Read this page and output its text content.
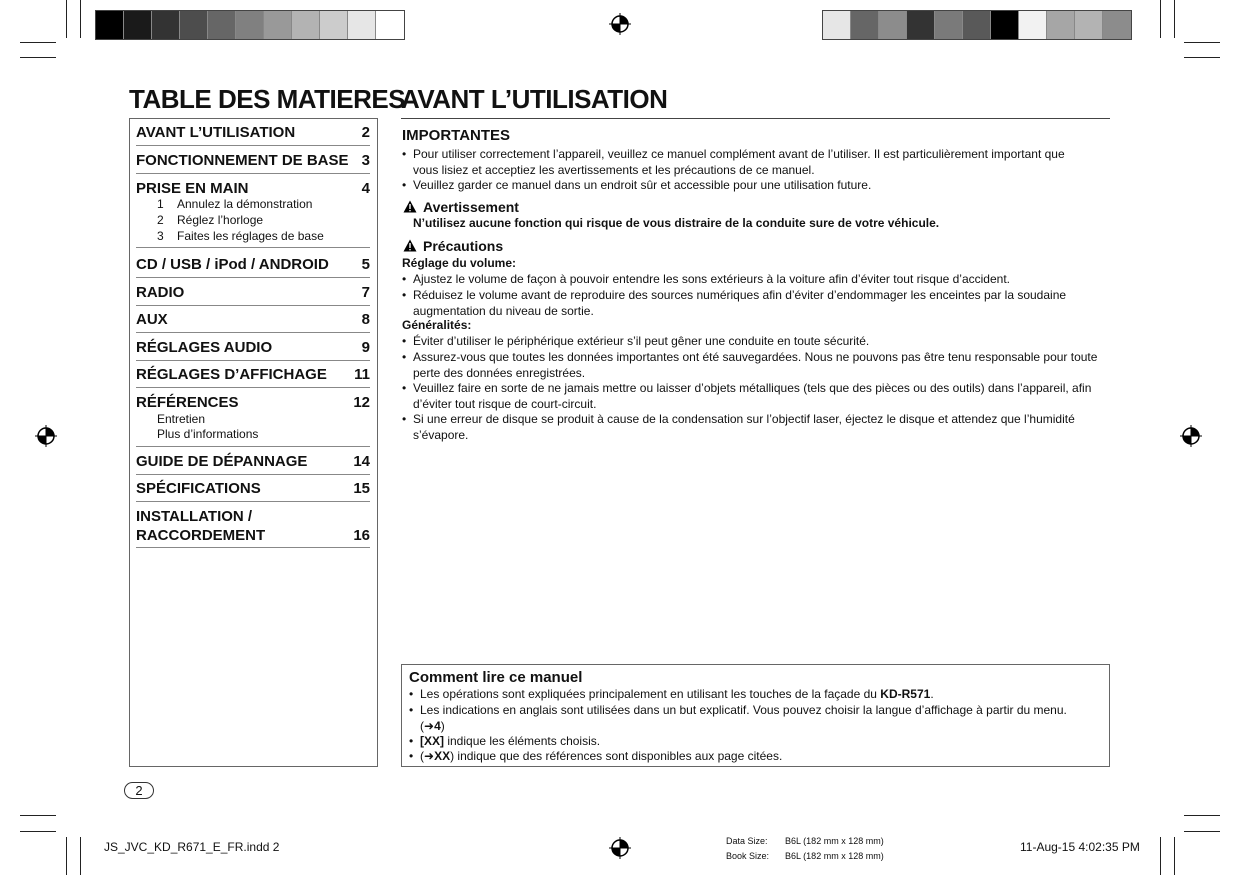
TABLE DES MATIERES
AVANT L’UTILISATION	2
FONCTIONNEMENT DE BASE 3
PRISE EN MAIN	4
1 Annulez la démonstration
2 Réglez l’horloge
3 Faites les réglages de base
CD / USB / iPod / ANDROID 5
RADIO	7
AUX	8
RÉGLAGES AUDIO	9
RÉGLAGES D’AFFICHAGE 11
RÉFÉRENCES	12
Entretien
Plus d’informations
GUIDE DE DÉPANNAGE	14
SPÉCIFICATIONS	15
INSTALLATION /
RACCORDEMENT	16
AVANT L’UTILISATION
IMPORTANTES
• Pour utiliser correctement l’appareil, veuillez ce manuel complément avant de l’utiliser. Il est particulièrement important que
vous lisiez et acceptiez les avertissements et les précautions de ce manuel.
• Veuillez garder ce manuel dans un endroit sûr et accessible pour une utilisation future.
Avertissement
N’utilisez aucune fonction qui risque de vous distraire de la conduite sure de votre véhicule.
Précautions
Réglage du volume:
• Ajustez le volume de façon à pouvoir entendre les sons extérieurs à la voiture afin d’éviter tout risque d’accident.
• Réduisez le volume avant de reproduire des sources numériques afin d’éviter d’endommager les enceintes par la soudaine
augmentation du niveau de sortie.
Généralités:
• Éviter d’utiliser le périphérique extérieur s’il peut gêner une conduite en toute sécurité.
• Assurez-vous que toutes les données importantes ont été sauvegardées. Nous ne pouvons pas être tenu responsable pour toute
perte des données enregistrées.
• Veuillez faire en sorte de ne jamais mettre ou laisser d’objets métalliques (tels que des pièces ou des outils) dans l’appareil, afin
d’éviter tout risque de court-circuit.
• Si une erreur de disque se produit à cause de la condensation sur l’objectif laser, éjectez le disque et attendez que l’humidité
s’évapore.
Comment lire ce manuel
• Les opérations sont expliquées principalement en utilisant les touches de la façade du KD-R571.
• Les indications en anglais sont utilisées dans un but explicatif. Vous pouvez choisir la langue d’affichage à partir du menu.
(➜4)
• [XX] indique les éléments choisis.
• (➜XX) indique que des références sont disponibles aux page citées.
2
JS_JVC_KD_R671_E_FR.indd 2	Data Size: B6L (182 mm x 128 mm)
Book Size: B6L (182 mm x 128 mm)
11-Aug-15 4:02:35 PM
